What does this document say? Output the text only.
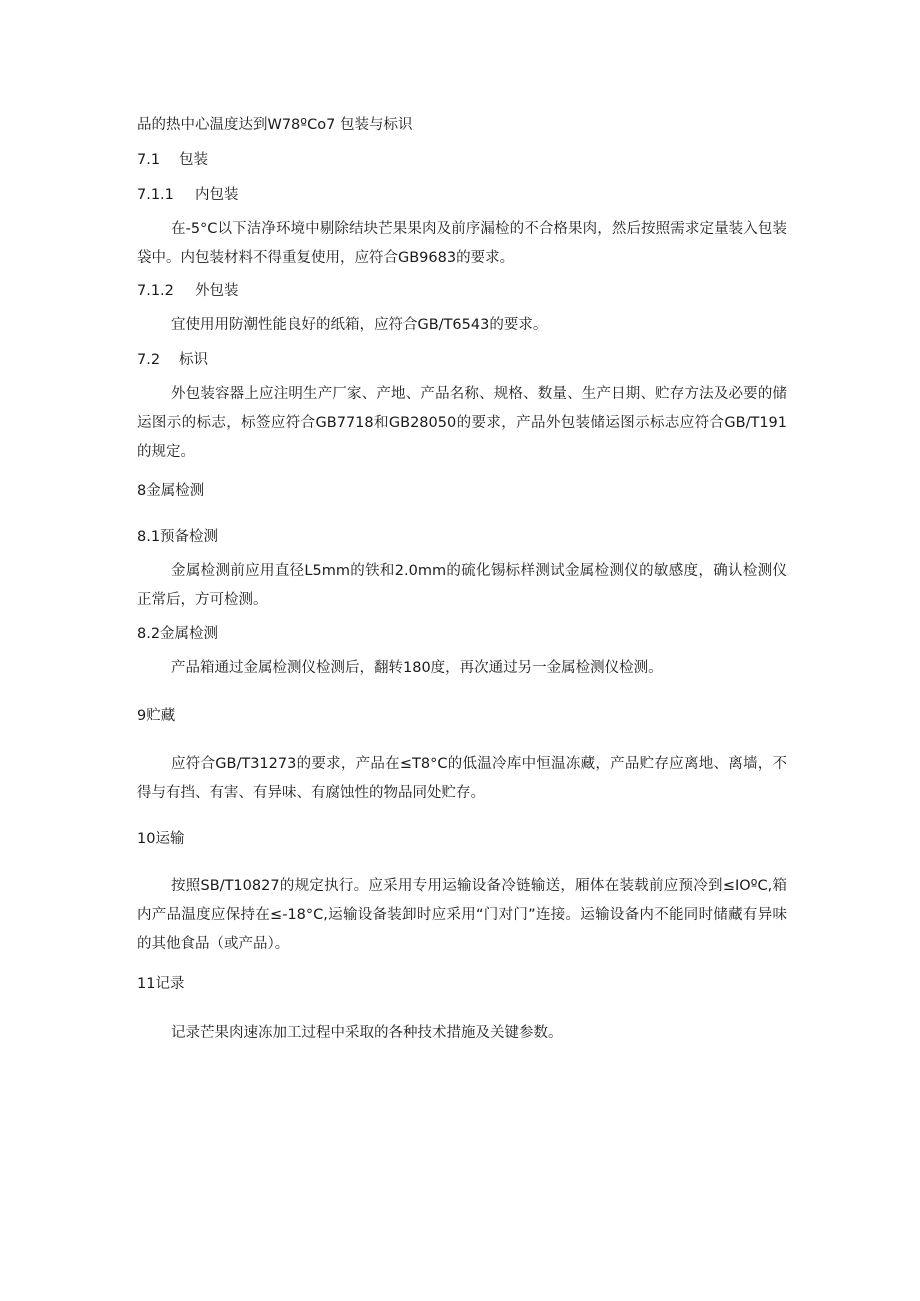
品的热中心温度达到W78ºCo7 包装与标识
7.1 包装
7.1.1 内包装

在-5°C以下洁净环境中剔除结块芒果果肉及前序漏检的不合格果肉，然后按照需求定量装入包装袋中。内包装材料不得重复使用，应符合GB9683的要求。

7.1.2 外包装

宜使用用防潮性能良好的纸箱，应符合GB/T6543的要求。

7.2 标识

外包装容器上应注明生产厂家、产地、产品名称、规格、数量、生产日期、贮存方法及必要的储运图示的标志，标签应符合GB7718和GB28050的要求，产品外包装储运图示标志应符合GB/T191的规定。

8金属检测
8.1预备检测

金属检测前应用直径L5mm的铁和2.0mm的硫化锡标样测试金属检测仪的敏感度，确认检测仪正常后，方可检测。

8.2金属检测

产品箱通过金属检测仪检测后，翻转180度，再次通过另一金属检测仪检测。

9贮藏

应符合GB/T31273的要求，产品在≤T8°C的低温冷库中恒温冻藏，产品贮存应离地、离墙，不得与有挡、有害、有异味、有腐蚀性的物品同处贮存。

10运输

按照SB/T10827的规定执行。应采用专用运输设备冷链输送，厢体在装载前应预冷到≤IOºC,箱内产品温度应保持在≤-18°C,运输设备装卸时应采用“门对门”连接。运输设备内不能同时储藏有异味的其他食品（或产品）。

11记录

记录芒果肉速冻加工过程中采取的各种技术措施及关键参数。
